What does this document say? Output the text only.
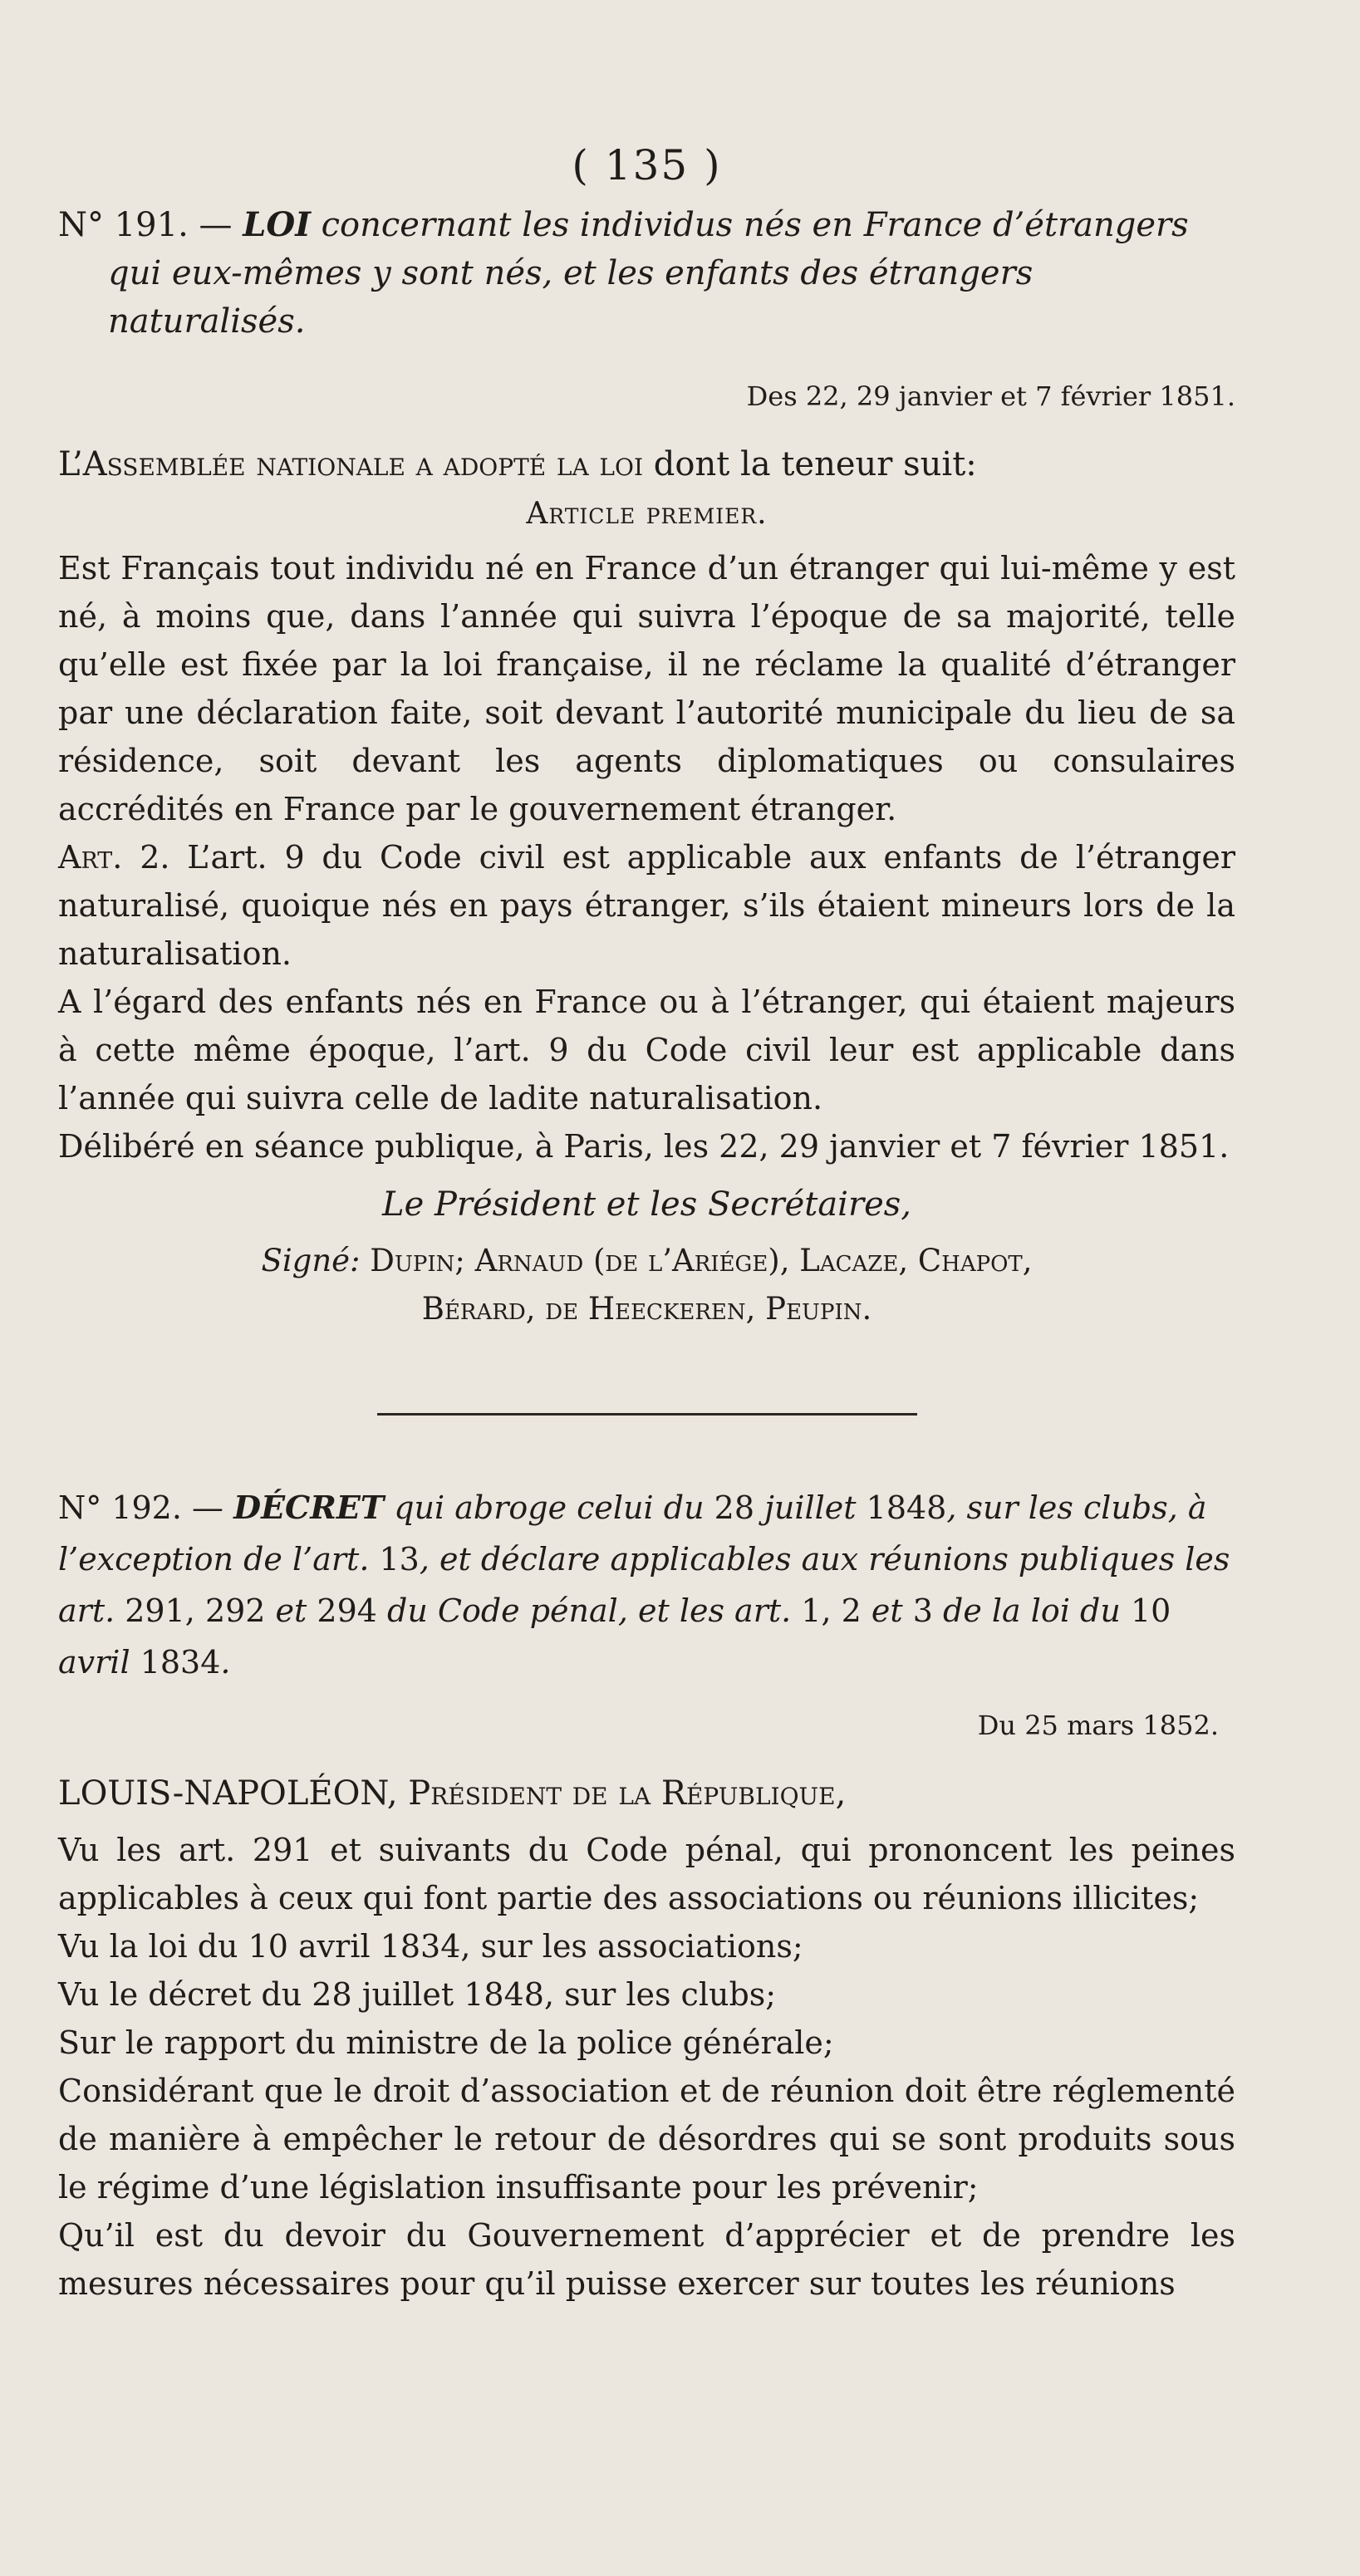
( 135 )

N° 191. — LOI concernant les individus nés en France d’étrangers qui eux-mêmes y sont nés, et les enfants des étrangers naturalisés.

Des 22, 29 janvier et 7 février 1851.

L’Assemblée nationale a adopté la loi dont la teneur suit:

Article premier.

Est Français tout individu né en France d’un étranger qui lui-même y est né, à moins que, dans l’année qui suivra l’époque de sa majorité, telle qu’elle est fixée par la loi française, il ne réclame la qualité d’étranger par une déclaration faite, soit devant l’autorité municipale du lieu de sa résidence, soit devant les agents diplomatiques ou consulaires accrédités en France par le gouvernement étranger.

Art. 2. L’art. 9 du Code civil est applicable aux enfants de l’étranger naturalisé, quoique nés en pays étranger, s’ils étaient mineurs lors de la naturalisation.

A l’égard des enfants nés en France ou à l’étranger, qui étaient majeurs à cette même époque, l’art. 9 du Code civil leur est applicable dans l’année qui suivra celle de ladite naturalisation.

Délibéré en séance publique, à Paris, les 22, 29 janvier et 7 février 1851.

Le Président et les Secrétaires,

Signé: Dupin; Arnaud (de l’Ariége), Lacaze, Chapot,
Bérard, de Heeckeren, Peupin.

N° 192. — DÉCRET qui abroge celui du 28 juillet 1848, sur les clubs, à l’exception de l’art. 13, et déclare applicables aux réunions publiques les art. 291, 292 et 294 du Code pénal, et les art. 1, 2 et 3 de la loi du 10 avril 1834.

Du 25 mars 1852.

LOUIS-NAPOLÉON, Président de la République,

Vu les art. 291 et suivants du Code pénal, qui prononcent les peines applicables à ceux qui font partie des associations ou réunions illicites;

Vu la loi du 10 avril 1834, sur les associations;

Vu le décret du 28 juillet 1848, sur les clubs;

Sur le rapport du ministre de la police générale;

Considérant que le droit d’association et de réunion doit être réglementé de manière à empêcher le retour de désordres qui se sont produits sous le régime d’une législation insuffisante pour les prévenir;

Qu’il est du devoir du Gouvernement d’apprécier et de prendre les mesures nécessaires pour qu’il puisse exercer sur toutes les réunions
